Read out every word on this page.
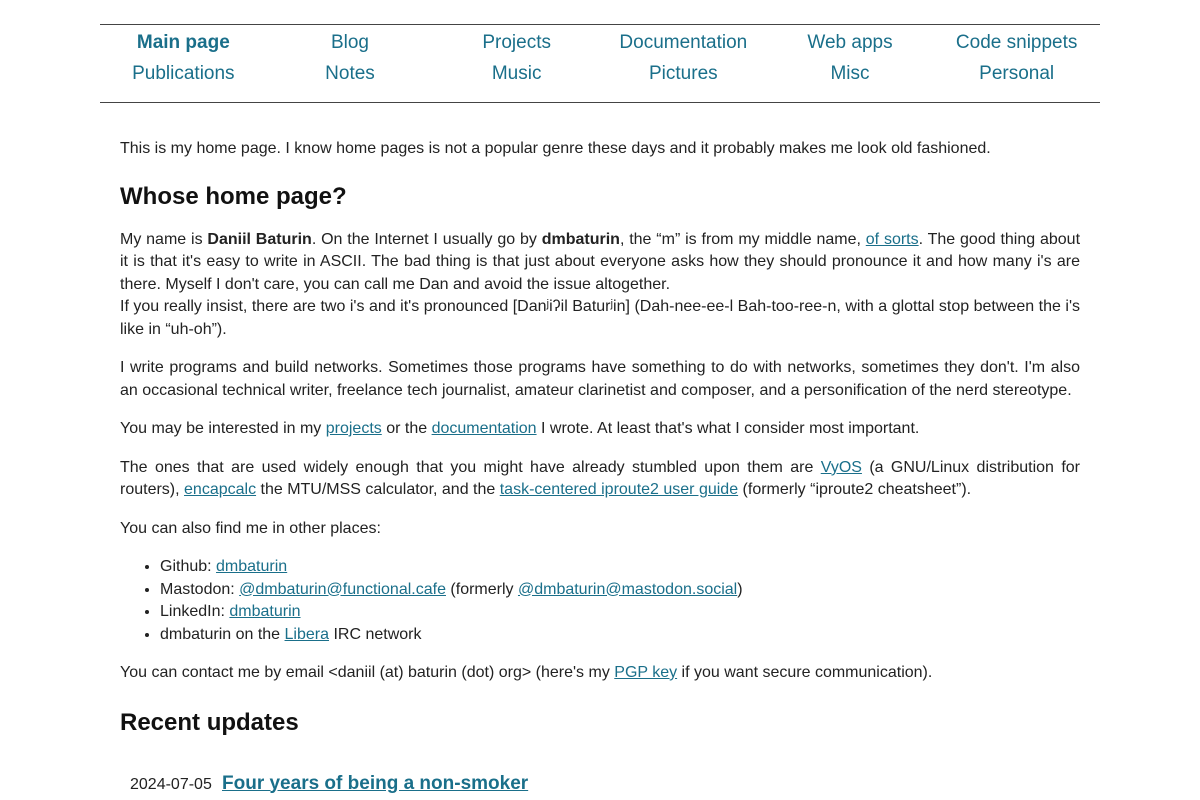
Main page	Blog	Projects	Documentation	Web apps	Code snippets
Publications	Notes	Music	Pictures	Misc	Personal

This is my home page. I know home pages is not a popular genre these days and it probably makes me look old fashioned.

Whose home page?

My name is Daniil Baturin. On the Internet I usually go by dmbaturin, the “m” is from my middle name, of sorts. The good thing about it is that it's easy to write in ASCII. The bad thing is that just about everyone asks how they should pronounce it and how many i's are there. Myself I don't care, you can call me Dan and avoid the issue altogether.

If you really insist, there are two i's and it's pronounced [Danʲiʔil Baturʲin] (Dah-nee-ee-l Bah-too-ree-n, with a glottal stop between the i's like in “uh-oh”).

I write programs and build networks. Sometimes those programs have something to do with networks, sometimes they don't. I'm also an occasional technical writer, freelance tech journalist, amateur clarinetist and composer, and a personification of the nerd stereotype.

You may be interested in my projects or the documentation I wrote. At least that's what I consider most important.

The ones that are used widely enough that you might have already stumbled upon them are VyOS (a GNU/Linux distribution for routers), encapcalc the MTU/MSS calculator, and the task-centered iproute2 user guide (formerly “iproute2 cheatsheet”).

You can also find me in other places:

• Github: dmbaturin
• Mastodon: @dmbaturin@functional.cafe (formerly @dmbaturin@mastodon.social)
• LinkedIn: dmbaturin
• dmbaturin on the Libera IRC network

You can contact me by email <daniil (at) baturin (dot) org> (here's my PGP key if you want secure communication).

Recent updates
2024-07-05 Four years of being a non-smoker
